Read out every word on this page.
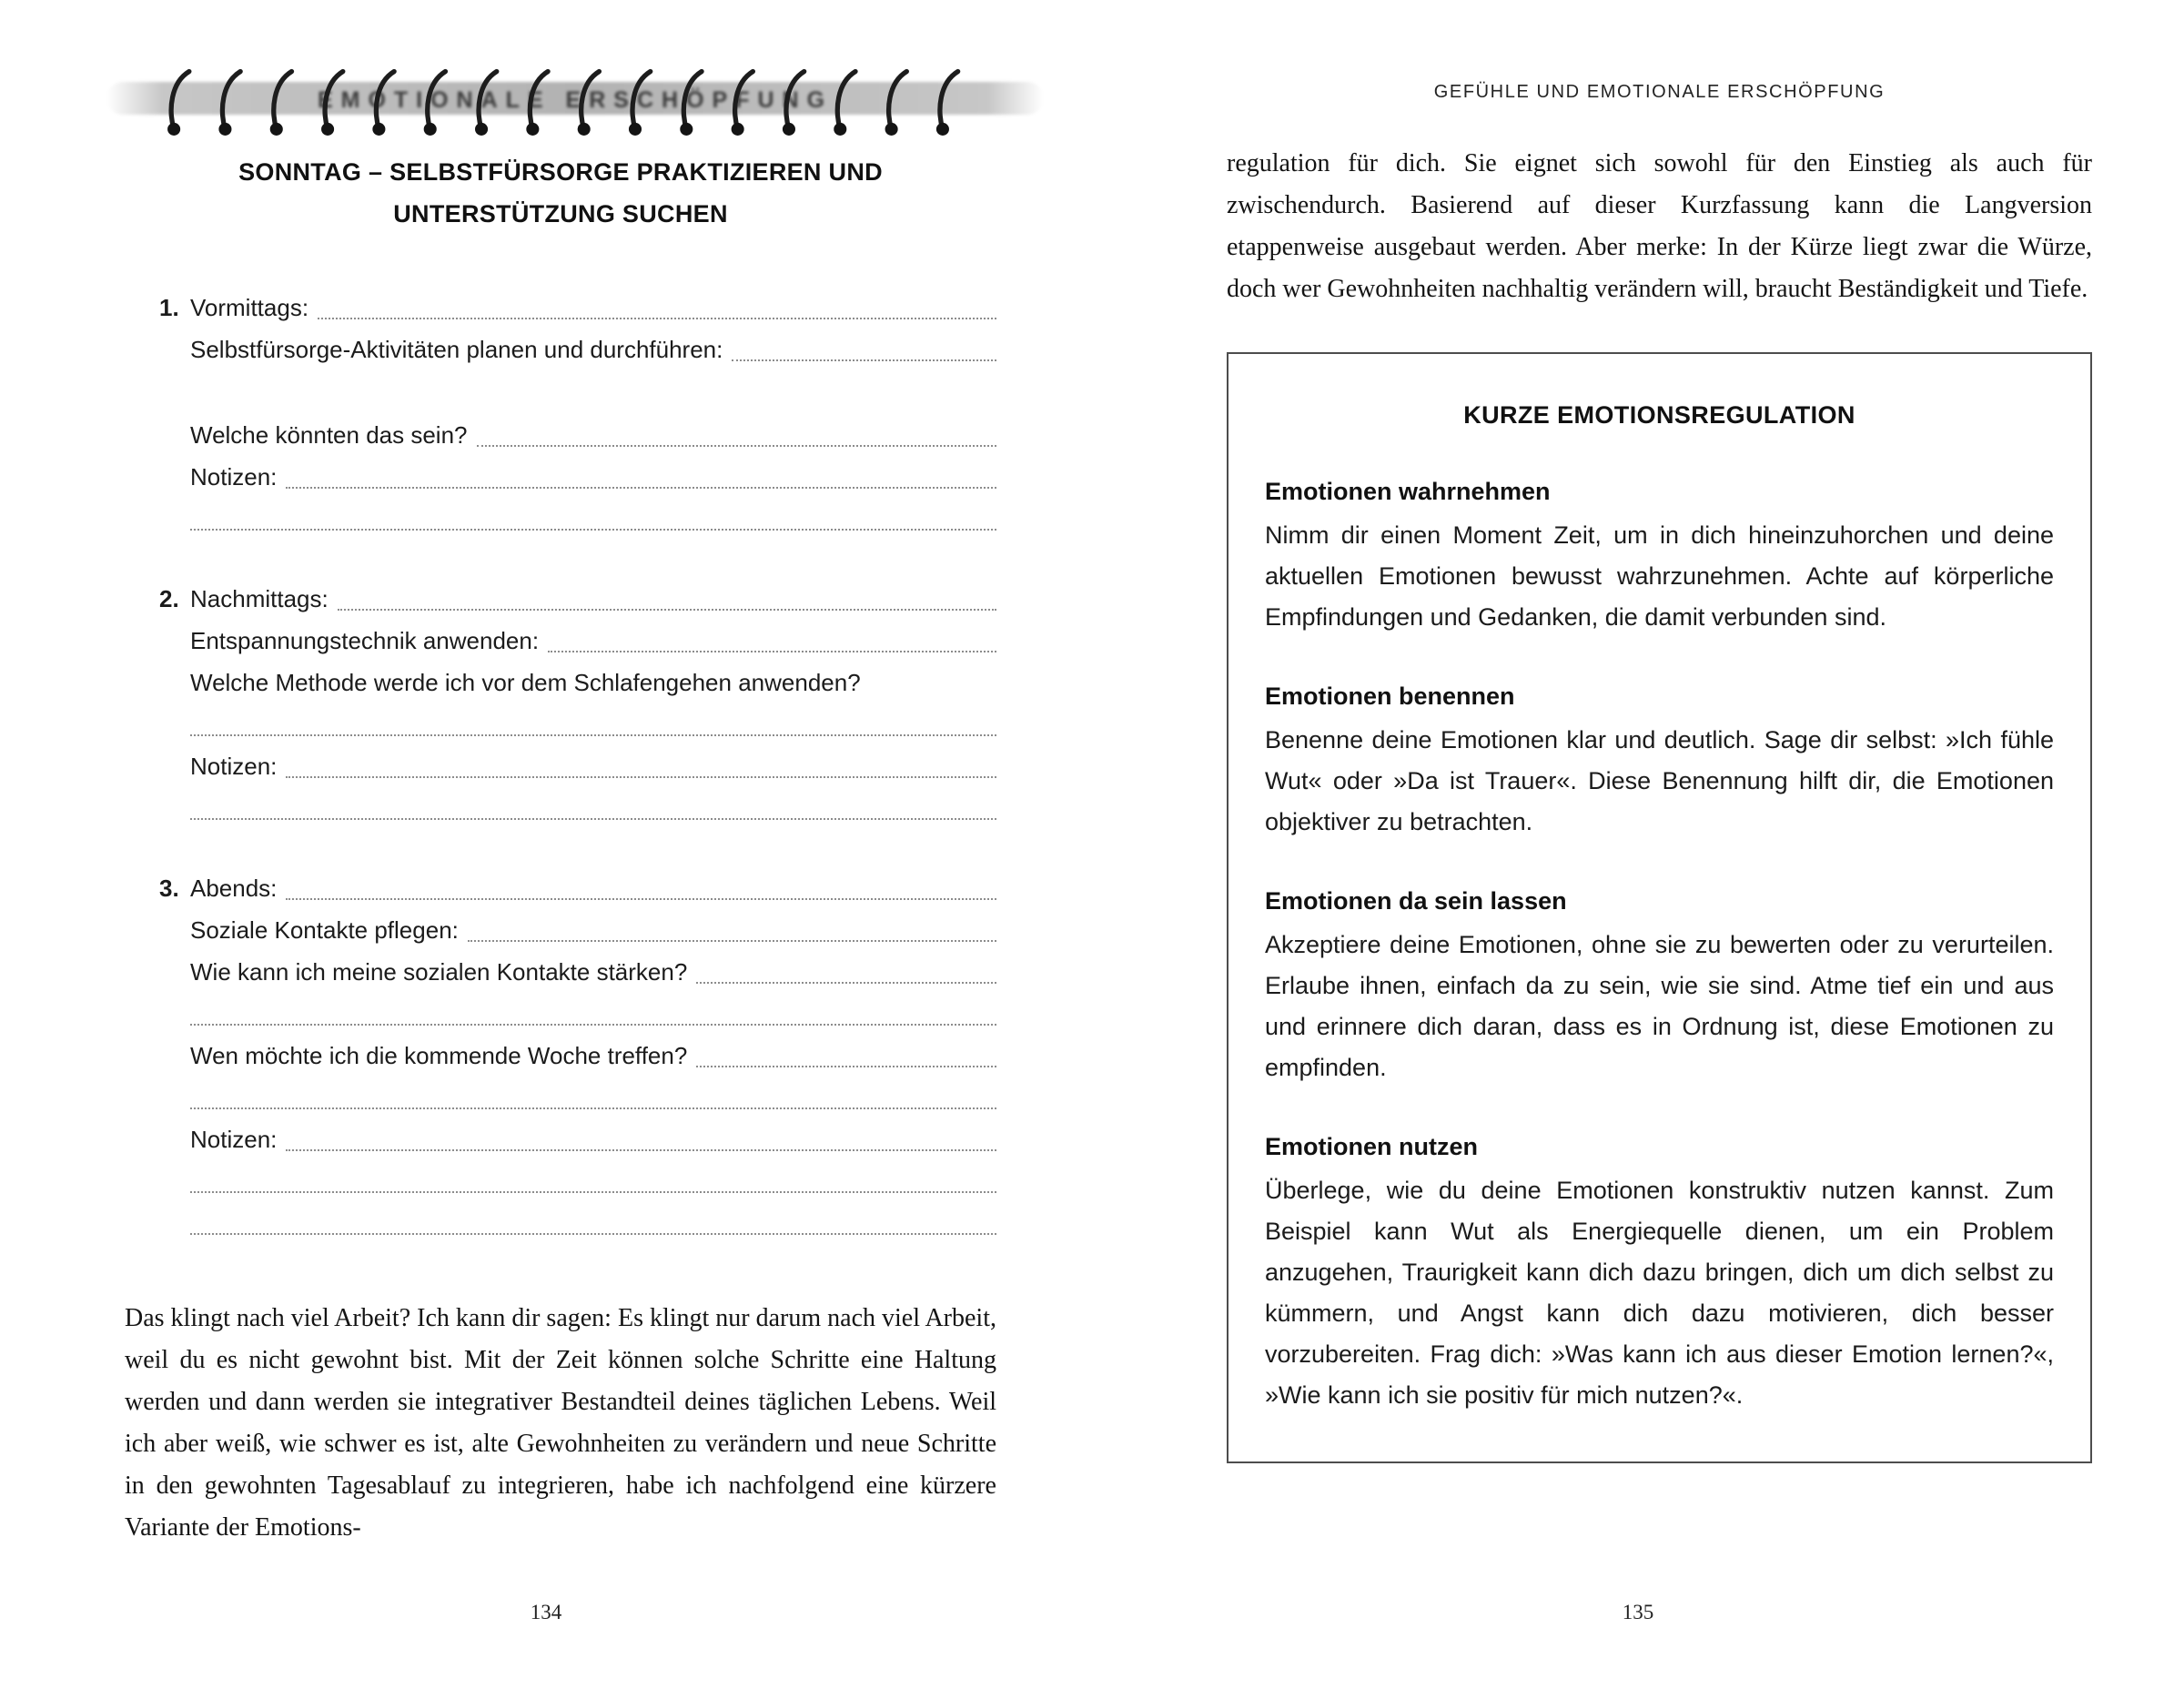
EMOTIONALE ERSCHÖPFUNG
SONNTAG – SELBSTFÜRSORGE PRAKTIZIEREN UND
UNTERSTÜTZUNG SUCHEN
1. Vormittags:
Selbstfürsorge-Aktivitäten planen und durchführen:
Welche könnten das sein?
Notizen:
2. Nachmittags:
Entspannungstechnik anwenden:
Welche Methode werde ich vor dem Schlafengehen anwenden?
Notizen:
3. Abends:
Soziale Kontakte pflegen:
Wie kann ich meine sozialen Kontakte stärken?
Wen möchte ich die kommende Woche treffen?
Notizen:

Das klingt nach viel Arbeit? Ich kann dir sagen: Es klingt nur darum nach viel Arbeit, weil du es nicht gewohnt bist. Mit der Zeit können solche Schritte eine Haltung werden und dann werden sie integrativer Bestandteil deines täglichen Lebens. Weil ich aber weiß, wie schwer es ist, alte Gewohnheiten zu verändern und neue Schritte in den gewohnten Tagesablauf zu integrieren, habe ich nachfolgend eine kürzere Variante der Emotions-

134
GEFÜHLE UND EMOTIONALE ERSCHÖPFUNG

regulation für dich. Sie eignet sich sowohl für den Einstieg als auch für zwischendurch. Basierend auf dieser Kurzfassung kann die Langversion etappenweise ausgebaut werden. Aber merke: In der Kürze liegt zwar die Würze, doch wer Gewohnheiten nachhaltig verändern will, braucht Beständigkeit und Tiefe.

KURZE EMOTIONSREGULATION
Emotionen wahrnehmen

Nimm dir einen Moment Zeit, um in dich hineinzuhorchen und deine aktuellen Emotionen bewusst wahrzunehmen. Achte auf körperliche Empfindungen und Gedanken, die damit verbunden sind.

Emotionen benennen

Benenne deine Emotionen klar und deutlich. Sage dir selbst: »Ich fühle Wut« oder »Da ist Trauer«. Diese Benennung hilft dir, die Emotionen objektiver zu betrachten.

Emotionen da sein lassen

Akzeptiere deine Emotionen, ohne sie zu bewerten oder zu verurteilen. Erlaube ihnen, einfach da zu sein, wie sie sind. Atme tief ein und aus und erinnere dich daran, dass es in Ordnung ist, diese Emotionen zu empfinden.

Emotionen nutzen

Überlege, wie du deine Emotionen konstruktiv nutzen kannst. Zum Beispiel kann Wut als Energiequelle dienen, um ein Problem anzugehen, Traurigkeit kann dich dazu bringen, dich um dich selbst zu kümmern, und Angst kann dich dazu motivieren, dich besser vorzubereiten. Frag dich: »Was kann ich aus dieser Emotion lernen?«, »Wie kann ich sie positiv für mich nutzen?«.

135
